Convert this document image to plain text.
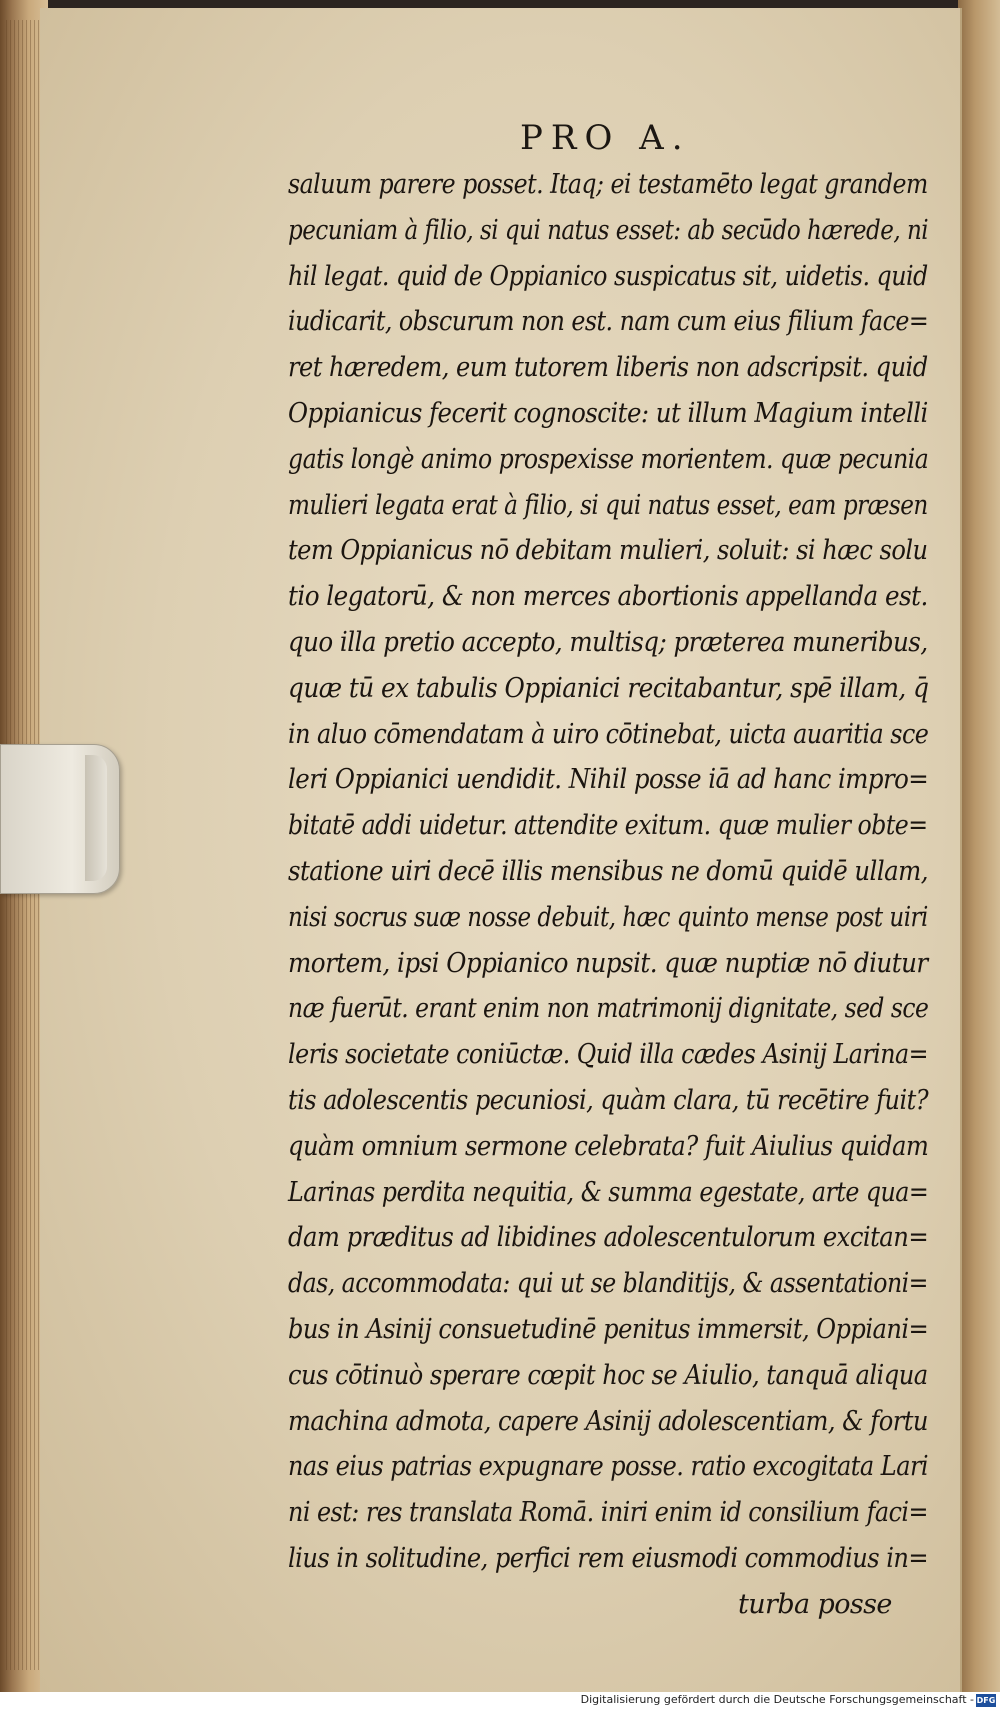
PRO A.
saluum parere posset. Itaq; ei testamēto legat grandem
pecuniam à filio, si qui natus esset: ab secūdo hærede, ni
hil legat. quid de Oppianico suspicatus sit, uidetis. quid
iudicarit, obscurum non est. nam cum eius filium face=
ret hæredem, eum tutorem liberis non adscripsit. quid
Oppianicus fecerit cognoscite: ut illum Magium intelli
gatis longè animo prospexisse morientem. quæ pecunia
mulieri legata erat à filio, si qui natus esset, eam præsen
tem Oppianicus nō debitam mulieri, soluit: si hæc solu
tio legatorū, & non merces abortionis appellanda est.
quo illa pretio accepto, multisq; præterea muneribus,
quæ tū ex tabulis Oppianici recitabantur, spē illam, q̄
in aluo cōmendatam à uiro cōtinebat, uicta auaritia sce
leri Oppianici uendidit. Nihil posse iā ad hanc impro=
bitatē addi uidetur. attendite exitum. quæ mulier obte=
statione uiri decē illis mensibus ne domū quidē ullam,
nisi socrus suæ nosse debuit, hæc quinto mense post uiri
mortem, ipsi Oppianico nupsit. quæ nuptiæ nō diutur
næ fuerūt. erant enim non matrimonij dignitate, sed sce
leris societate coniūctæ. Quid illa cædes Asinij Larina=
tis adolescentis pecuniosi, quàm clara, tū recētire fuit?
quàm omnium sermone celebrata? fuit Aiulius quidam
Larinas perdita nequitia, & summa egestate, arte qua=
dam præditus ad libidines adolescentulorum excitan=
das, accommodata: qui ut se blanditijs, & assentationi=
bus in Asinij consuetudinē penitus immersit, Oppiani=
cus cōtinuò sperare cœpit hoc se Aiulio, tanquā aliqua
machina admota, capere Asinij adolescentiam, & fortu
nas eius patrias expugnare posse. ratio excogitata Lari
ni est: res translata Romā. iniri enim id consilium faci=
lius in solitudine, perfici rem eiusmodi commodius in=
turba posse
Digitalisierung gefördert durch die Deutsche Forschungsgemeinschaft - DFG
